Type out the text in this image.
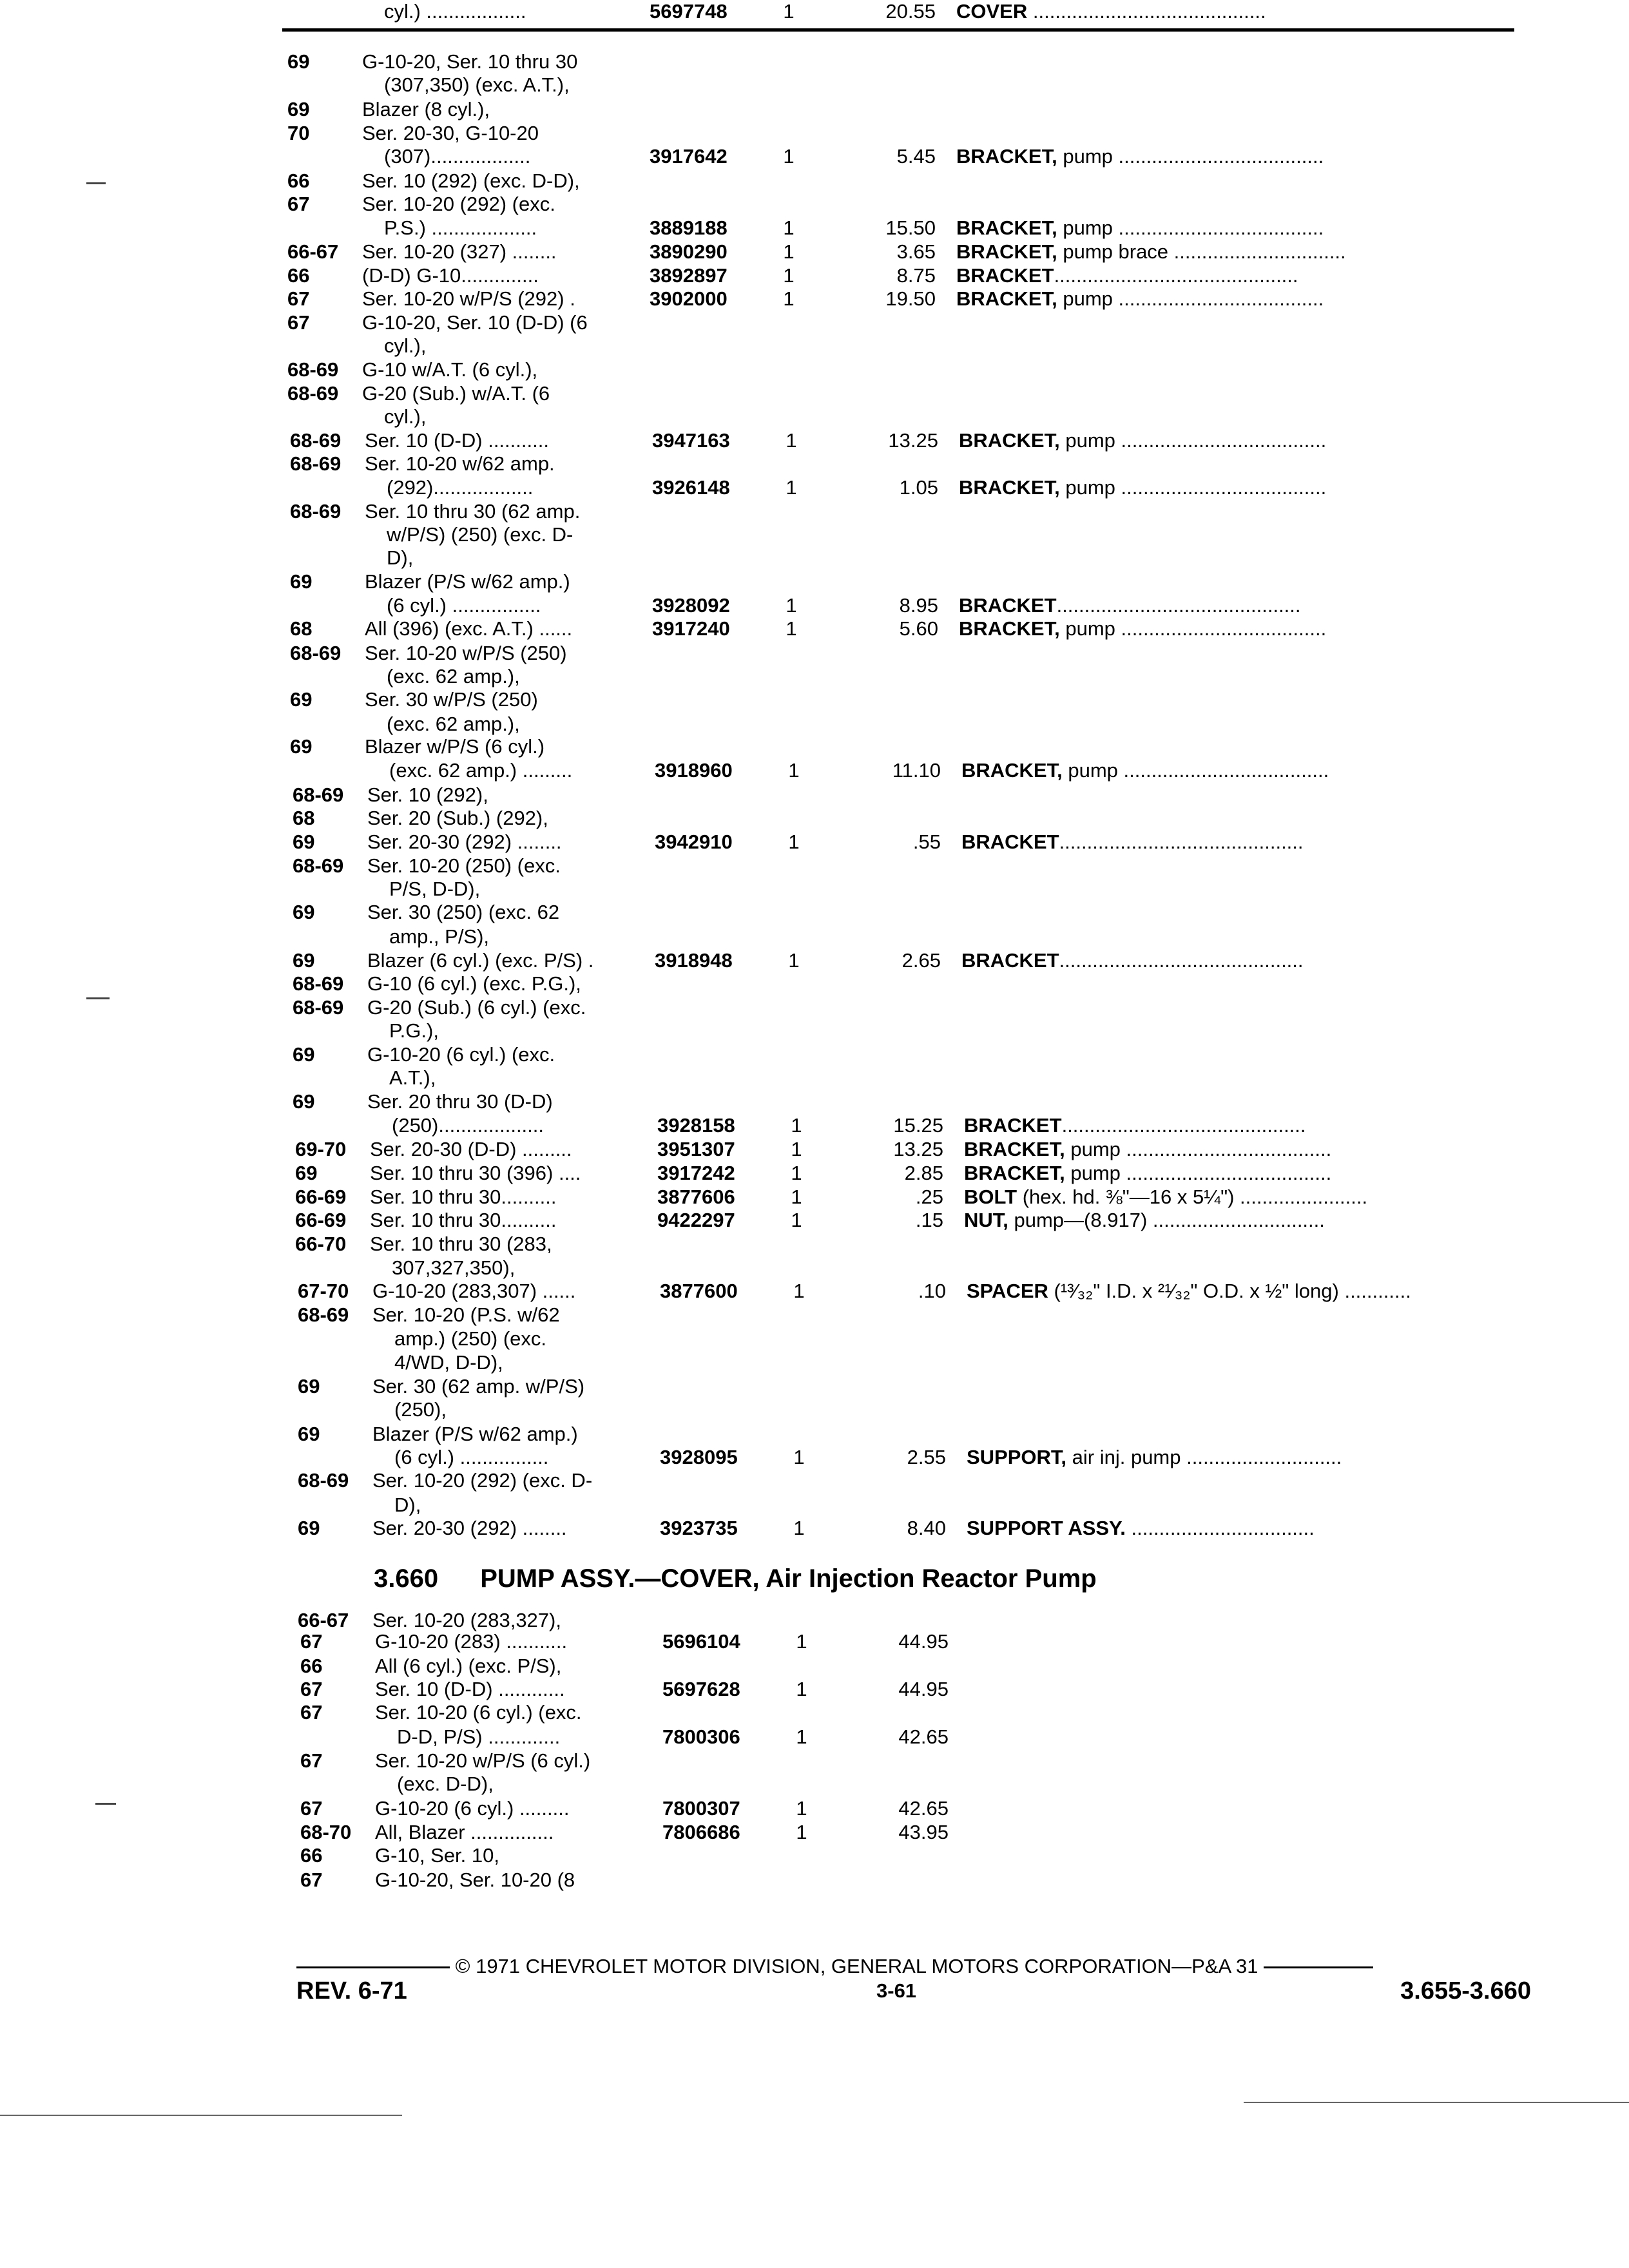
69	G-10-20, Ser. 10 thru 30
(307,350) (exc. A.T.),
69	Blazer (8 cyl.),
70	Ser. 20-30, G-10-20
(307)..................	3917642	1	5.45 BRACKET, pump .....................................
66	Ser. 10 (292) (exc. D-D),
67	Ser. 10-20 (292) (exc.
P.S.) ...................	3889188	1	15.50 BRACKET, pump .....................................
66-67 Ser. 10-20 (327) ........	3890290	1	3.65 BRACKET, pump brace ...............................
66	(D-D) G-10..............	3892897	1	8.75 BRACKET............................................
67	Ser. 10-20 w/P/S (292) .	3902000	1	19.50 BRACKET, pump .....................................
67	G-10-20, Ser. 10 (D-D) (6
cyl.),
68-69 G-10 w/A.T. (6 cyl.),
68-69 G-20 (Sub.) w/A.T. (6
cyl.),
68-69 Ser. 10 (D-D) ...........	3947163	1	13.25 BRACKET, pump .....................................
68-69 Ser. 10-20 w/62 amp.
(292)..................	3926148	1	1.05 BRACKET, pump .....................................
68-69 Ser. 10 thru 30 (62 amp.
w/P/S) (250) (exc. D-
D),
69	Blazer (P/S w/62 amp.)
(6 cyl.) ................	3928092	1	8.95 BRACKET............................................
68	All (396) (exc. A.T.) ......	3917240	1	5.60 BRACKET, pump .....................................
68-69 Ser. 10-20 w/P/S (250)
(exc. 62 amp.),
69	Ser. 30 w/P/S (250)
(exc. 62 amp.),
69	Blazer w/P/S (6 cyl.)
(exc. 62 amp.) .........	3918960	1	11.10 BRACKET, pump .....................................
68-69 Ser. 10 (292),
68	Ser. 20 (Sub.) (292),
69	Ser. 20-30 (292) ........	3942910	1	.55 BRACKET............................................
68-69 Ser. 10-20 (250) (exc.
P/S, D-D),
69	Ser. 30 (250) (exc. 62
amp., P/S),
69	Blazer (6 cyl.) (exc. P/S) .	3918948	1	2.65 BRACKET............................................
68-69 G-10 (6 cyl.) (exc. P.G.),
68-69 G-20 (Sub.) (6 cyl.) (exc.
P.G.),
69	G-10-20 (6 cyl.) (exc.
A.T.),
69	Ser. 20 thru 30 (D-D)
(250)...................	3928158	1	15.25 BRACKET............................................
69-70 Ser. 20-30 (D-D) .........	3951307	1	13.25 BRACKET, pump .....................................
69	Ser. 10 thru 30 (396) ....	3917242	1	2.85 BRACKET, pump .....................................
66-69 Ser. 10 thru 30..........	3877606	1	.25 BOLT (hex. hd. ⅜"—16 x 5¼") .......................
66-69 Ser. 10 thru 30..........	9422297	1	.15 NUT, pump—(8.917) ...............................
66-70 Ser. 10 thru 30 (283,
307,327,350),
67-70 G-10-20 (283,307) ......	3877600	1	.10 SPACER (¹³⁄₃₂" I.D. x ²¹⁄₃₂" O.D. x ½" long) ............
68-69 Ser. 10-20 (P.S. w/62
amp.) (250) (exc.
4/WD, D-D),
69	Ser. 30 (62 amp. w/P/S)
(250),
69	Blazer (P/S w/62 amp.)
(6 cyl.) ................	3928095	1	2.55 SUPPORT, air inj. pump ............................
68-69 Ser. 10-20 (292) (exc. D-
D),
69	Ser. 20-30 (292) ........	3923735	1	8.40 SUPPORT ASSY. .................................
66-67 Ser. 10-20 (283,327),
67	G-10-20 (283) ...........	5696104	1	44.95
66	All (6 cyl.) (exc. P/S),
67	Ser. 10 (D-D) ............	5697628	1	44.95
67	Ser. 10-20 (6 cyl.) (exc.
D-D, P/S) .............	7800306	1	42.65
67	Ser. 10-20 w/P/S (6 cyl.)
(exc. D-D),
67	G-10-20 (6 cyl.) .........	7800307	1	42.65
68-70 All, Blazer ...............	7806686	1	43.95
66	G-10, Ser. 10,
67	G-10-20, Ser. 10-20 (8
cyl.) ..................	5697748	1	20.55 COVER ..........................................
3.660 PUMP ASSY.—COVER, Air Injection Reactor Pump
© 1971 CHEVROLET MOTOR DIVISION, GENERAL MOTORS CORPORATION—P&A 31
REV. 6-71	3-61	3.655-3.660
